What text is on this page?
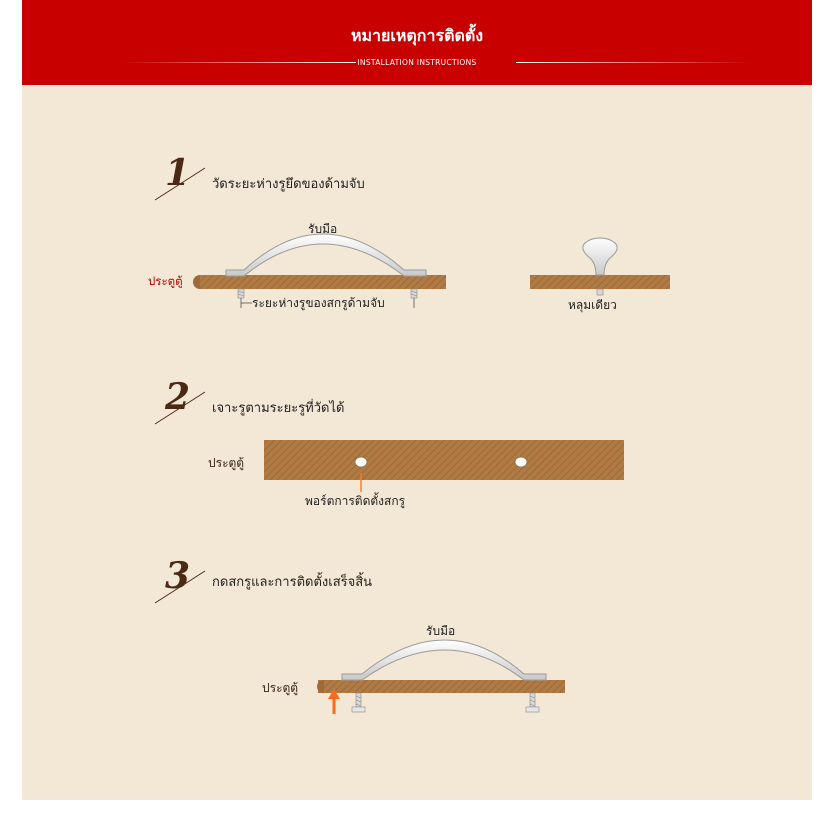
หมายเหตุการติดตั้ง
INSTALLATION INSTRUCTIONS
1 วัดระยะห่างรูยึดของด้ามจับ
รับมือ
ประตูตู้
ระยะห่างรูของสกรูด้ามจับ	หลุมเดียว
2 เจาะรูตามระยะรูที่วัดได้
ประตูตู้
พอร์ตการติดตั้งสกรู
3 กดสกรูและการติดตั้งเสร็จสิ้น
รับมือ
ประตูตู้
